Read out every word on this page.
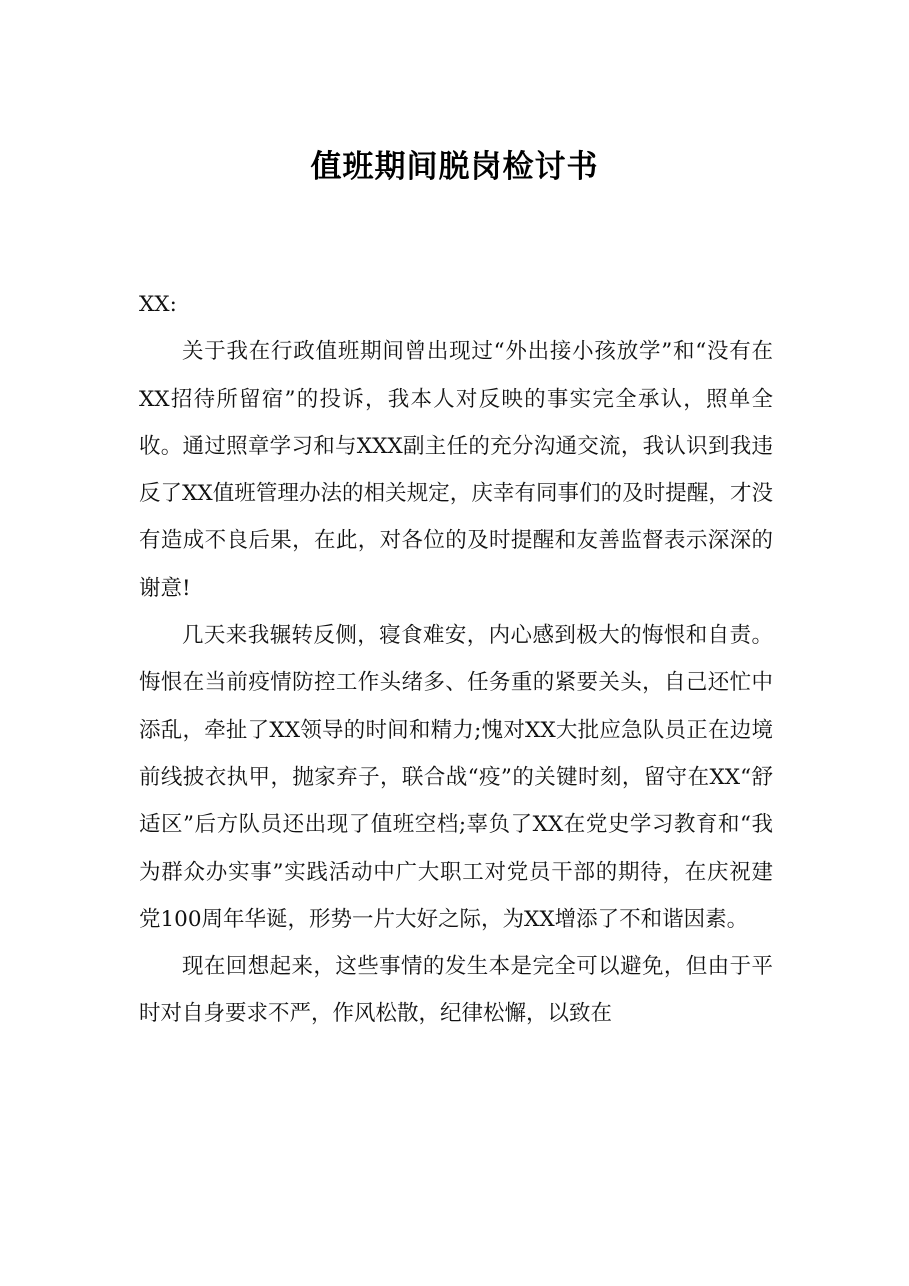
值班期间脱岗检讨书
XX:

关于我在行政值班期间曾出现过“外出接小孩放学”和“没有在XX招待所留宿”的投诉，我本人对反映的事实完全承认，照单全收。通过照章学习和与XXX副主任的充分沟通交流，我认识到我违反了XX值班管理办法的相关规定，庆幸有同事们的及时提醒，才没有造成不良后果，在此，对各位的及时提醒和友善监督表示深深的谢意!

几天来我辗转反侧，寝食难安，内心感到极大的悔恨和自责。悔恨在当前疫情防控工作头绪多、任务重的紧要关头，自己还忙中添乱，牵扯了XX领导的时间和精力;愧对XX大批应急队员正在边境前线披衣执甲，抛家弃子，联合战“疫”的关键时刻，留守在XX“舒适区”后方队员还出现了值班空档;辜负了XX在党史学习教育和“我为群众办实事”实践活动中广大职工对党员干部的期待，在庆祝建党100周年华诞，形势一片大好之际，为XX增添了不和谐因素。

现在回想起来，这些事情的发生本是完全可以避免，但由于平时对自身要求不严，作风松散，纪律松懈，以致在
